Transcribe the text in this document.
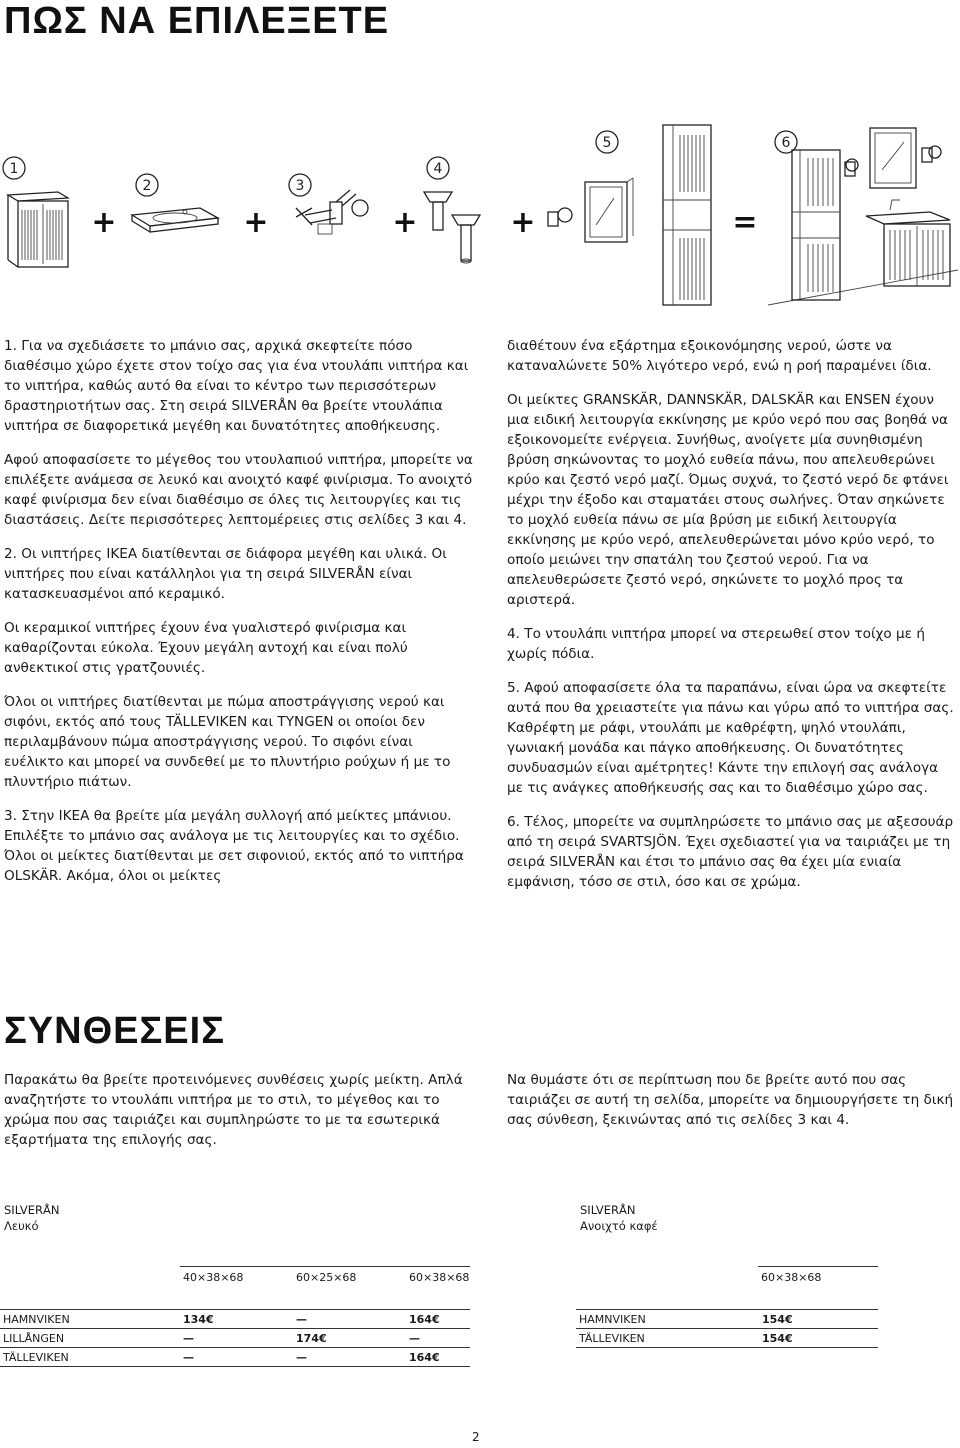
ΠΩΣ ΝΑ ΕΠΙΛΕΞΕΤΕ
1
2	3
4
5	6
+	+	+	+	=

1. Για να σχεδιάσετε το μπάνιο σας, αρχικά σκεφτείτε πόσο διαθέσιμο χώρο έχετε στον τοίχο σας για ένα ντουλάπι νιπτήρα και το νιπτήρα, καθώς αυτό θα είναι το κέντρο των περισσότερων δραστηριοτήτων σας. Στη σειρά SILVERÅN θα βρείτε ντουλάπια νιπτήρα σε διαφορετικά μεγέθη και δυνατότητες αποθήκευσης.

Αφού αποφασίσετε το μέγεθος του ντουλαπιού νιπτήρα, μπορείτε να επιλέξετε ανάμεσα σε λευκό και ανοιχτό καφέ φινίρισμα. Το ανοιχτό καφέ φινίρισμα δεν είναι διαθέσιμο σε όλες τις λειτουργίες και τις διαστάσεις. Δείτε περισσότερες λεπτομέρειες στις σελίδες 3 και 4.

2. Οι νιπτήρες IKEA διατίθενται σε διάφορα μεγέθη και υλικά. Οι νιπτήρες που είναι κατάλληλοι για τη σειρά SILVERÅN είναι κατασκευασμένοι από κεραμικό.

Οι κεραμικοί νιπτήρες έχουν ένα γυαλιστερό φινίρισμα και καθαρίζονται εύκολα. Έχουν μεγάλη αντοχή και είναι πολύ ανθεκτικοί στις γρατζουνιές.

Όλοι οι νιπτήρες διατίθενται με πώμα αποστράγγισης νερού και σιφόνι, εκτός από τους TÄLLEVIKEN και TYNGEN οι οποίοι δεν περιλαμβάνουν πώμα αποστράγγισης νερού. Το σιφόνι είναι ευέλικτο και μπορεί να συνδεθεί με το πλυντήριο ρούχων ή με το πλυντήριο πιάτων.

3. Στην IKEA θα βρείτε μία μεγάλη συλλογή από μείκτες μπάνιου. Επιλέξτε το μπάνιο σας ανάλογα με τις λειτουργίες και το σχέδιο. Όλοι οι μείκτες διατίθενται με σετ σιφονιού, εκτός από το νιπτήρα OLSKÄR. Ακόμα, όλοι οι μείκτες

διαθέτουν ένα εξάρτημα εξοικονόμησης νερού, ώστε να καταναλώνετε 50% λιγότερο νερό, ενώ η ροή παραμένει ίδια.

Οι μείκτες GRANSKÄR, DANNSKÄR, DALSKÄR και ENSEN έχουν μια ειδική λειτουργία εκκίνησης με κρύο νερό που σας βοηθά να εξοικονομείτε ενέργεια. Συνήθως, ανοίγετε μία συνηθισμένη βρύση σηκώνοντας το μοχλό ευθεία πάνω, που απελευθερώνει κρύο και ζεστό νερό μαζί. Όμως συχνά, το ζεστό νερό δε φτάνει μέχρι την έξοδο και σταματάει στους σωλήνες. Όταν σηκώνετε το μοχλό ευθεία πάνω σε μία βρύση με ειδική λειτουργία εκκίνησης με κρύο νερό, απελευθερώνεται μόνο κρύο νερό, το οποίο μειώνει την σπατάλη του ζεστού νερού. Για να απελευθερώσετε ζεστό νερό, σηκώνετε το μοχλό προς τα αριστερά.

4. Το ντουλάπι νιπτήρα μπορεί να στερεωθεί στον τοίχο με ή χωρίς πόδια.

5. Αφού αποφασίσετε όλα τα παραπάνω, είναι ώρα να σκεφτείτε αυτά που θα χρειαστείτε για πάνω και γύρω από το νιπτήρα σας. Καθρέφτη με ράφι, ντουλάπι με καθρέφτη, ψηλό ντουλάπι, γωνιακή μονάδα και πάγκο αποθήκευσης. Οι δυνατότητες συνδυασμών είναι αμέτρητες! Κάντε την επιλογή σας ανάλογα με τις ανάγκες αποθήκευσής σας και το διαθέσιμο χώρο σας.

6. Τέλος, μπορείτε να συμπληρώσετε το μπάνιο σας με αξεσουάρ από τη σειρά SVARTSJÖN. Έχει σχεδιαστεί για να ταιριάζει με τη σειρά SILVERÅN και έτσι το μπάνιο σας θα έχει μία ενιαία εμφάνιση, τόσο σε στιλ, όσο και σε χρώμα.

ΣΥΝΘΕΣΕΙΣ

Παρακάτω θα βρείτε προτεινόμενες συνθέσεις χωρίς μείκτη. Απλά αναζητήστε το ντουλάπι νιπτήρα με το στιλ, το μέγεθος και το χρώμα που σας ταιριάζει και συμπληρώστε το με τα εσωτερικά εξαρτήματα της επιλογής σας.

Να θυμάστε ότι σε περίπτωση που δε βρείτε αυτό που σας ταιριάζει σε αυτή τη σελίδα, μπορείτε να δημιουργήσετε τη δική σας σύνθεση, ξεκινώντας από τις σελίδες 3 και 4.

SILVERÅN
Λευκό
40×38×68	60×25×68	60×38×68
HAMNVIKEN	134€	—	164€
LILLÅNGEN	—	174€	—
TÄLLEVIKEN	—	—	164€
SILVERÅN
Ανοιχτό καφέ
60×38×68
HAMNVIKEN	154€
TÄLLEVIKEN	154€
2
